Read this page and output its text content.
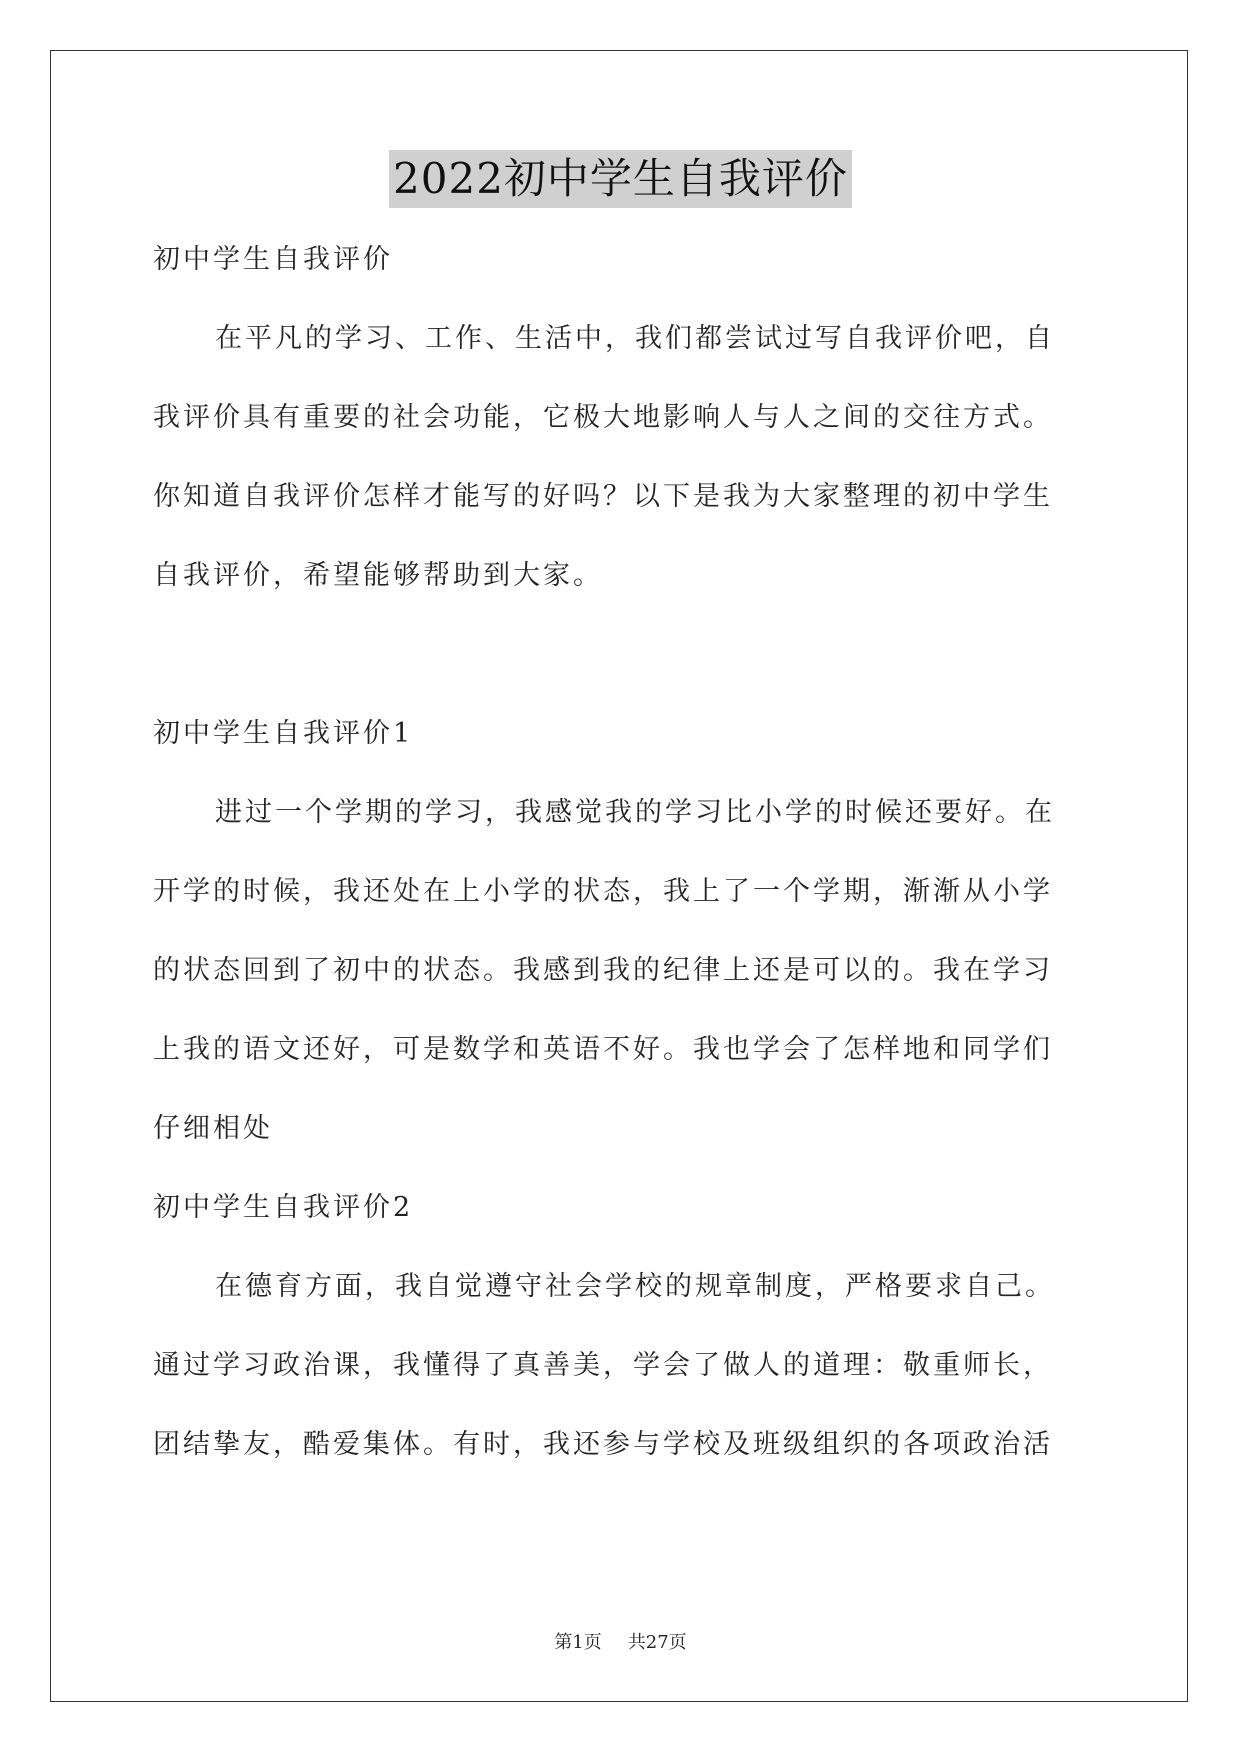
2022初中学生自我评价
初中学生自我评价
在平凡的学习、工作、生活中，我们都尝试过写自我评价吧，自
我评价具有重要的社会功能，它极大地影响人与人之间的交往方式。
你知道自我评价怎样才能写的好吗？以下是我为大家整理的初中学生
自我评价，希望能够帮助到大家。
初中学生自我评价1
进过一个学期的学习，我感觉我的学习比小学的时候还要好。在
开学的时候，我还处在上小学的状态，我上了一个学期，渐渐从小学
的状态回到了初中的状态。我感到我的纪律上还是可以的。我在学习
上我的语文还好，可是数学和英语不好。我也学会了怎样地和同学们
仔细相处
初中学生自我评价2
在德育方面，我自觉遵守社会学校的规章制度，严格要求自己。
通过学习政治课，我懂得了真善美，学会了做人的道理：敬重师长，
团结挚友，酷爱集体。有时，我还参与学校及班级组织的各项政治活
第1页 共27页
